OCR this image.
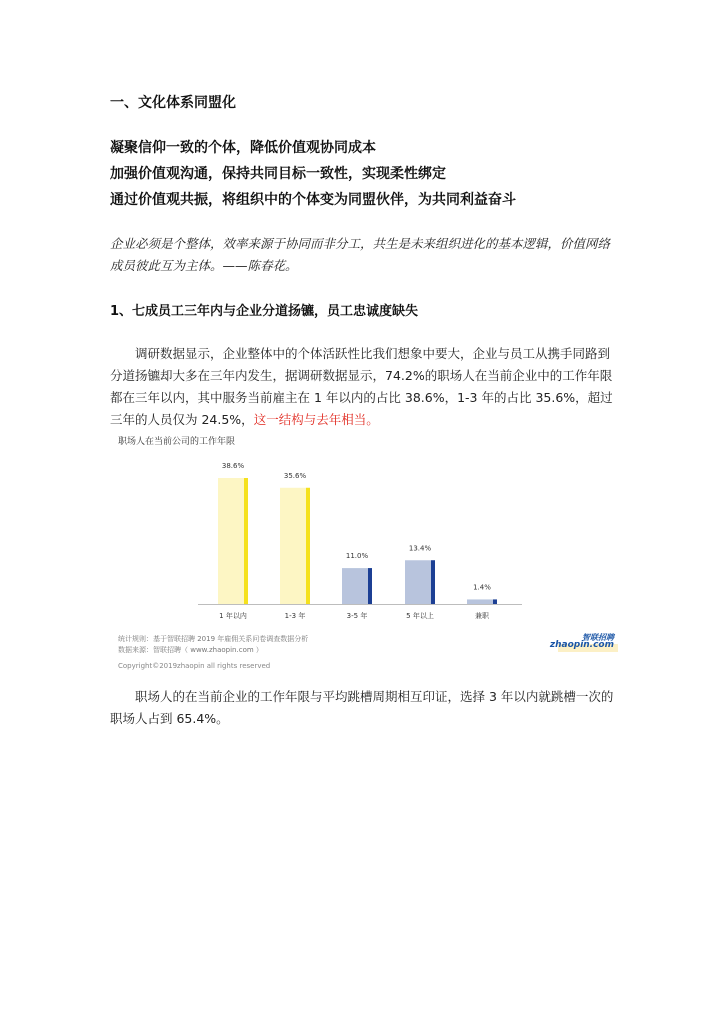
一、文化体系同盟化
凝聚信仰一致的个体，降低价值观协同成本
加强价值观沟通，保持共同目标一致性，实现柔性绑定
通过价值观共振，将组织中的个体变为同盟伙伴，为共同利益奋斗
企业必须是个整体，效率来源于协同而非分工，共生是未来组织进化的基本逻辑，价值网络成员彼此互为主体。——陈春花。
1、七成员工三年内与企业分道扬镳，员工忠诚度缺失
调研数据显示，企业整体中的个体活跃性比我们想象中要大，企业与员工从携手同路到分道扬镳却大多在三年内发生，据调研数据显示，74.2%的职场人在当前企业中的工作年限都在三年以内，其中服务当前雇主在 1 年以内的占比 38.6%，1-3 年的占比 35.6%，超过三年的人员仅为 24.5%，这一结构与去年相当。
职场人在当前公司的工作年限
38.6%
1 年以内
35.6%
1-3 年
11.0%
3-5 年
13.4%
5 年以上
1.4%
兼职
统计规则：基于智联招聘 2019 年雇佣关系问卷调查数据分析
数据来源：智联招聘（ www.zhaopin.com ）
Copyright©2019zhaopin all rights reserved
智联招聘
zhaopin.com
职场人的在当前企业的工作年限与平均跳槽周期相互印证，选择 3 年以内就跳槽一次的职场人占到 65.4%。
